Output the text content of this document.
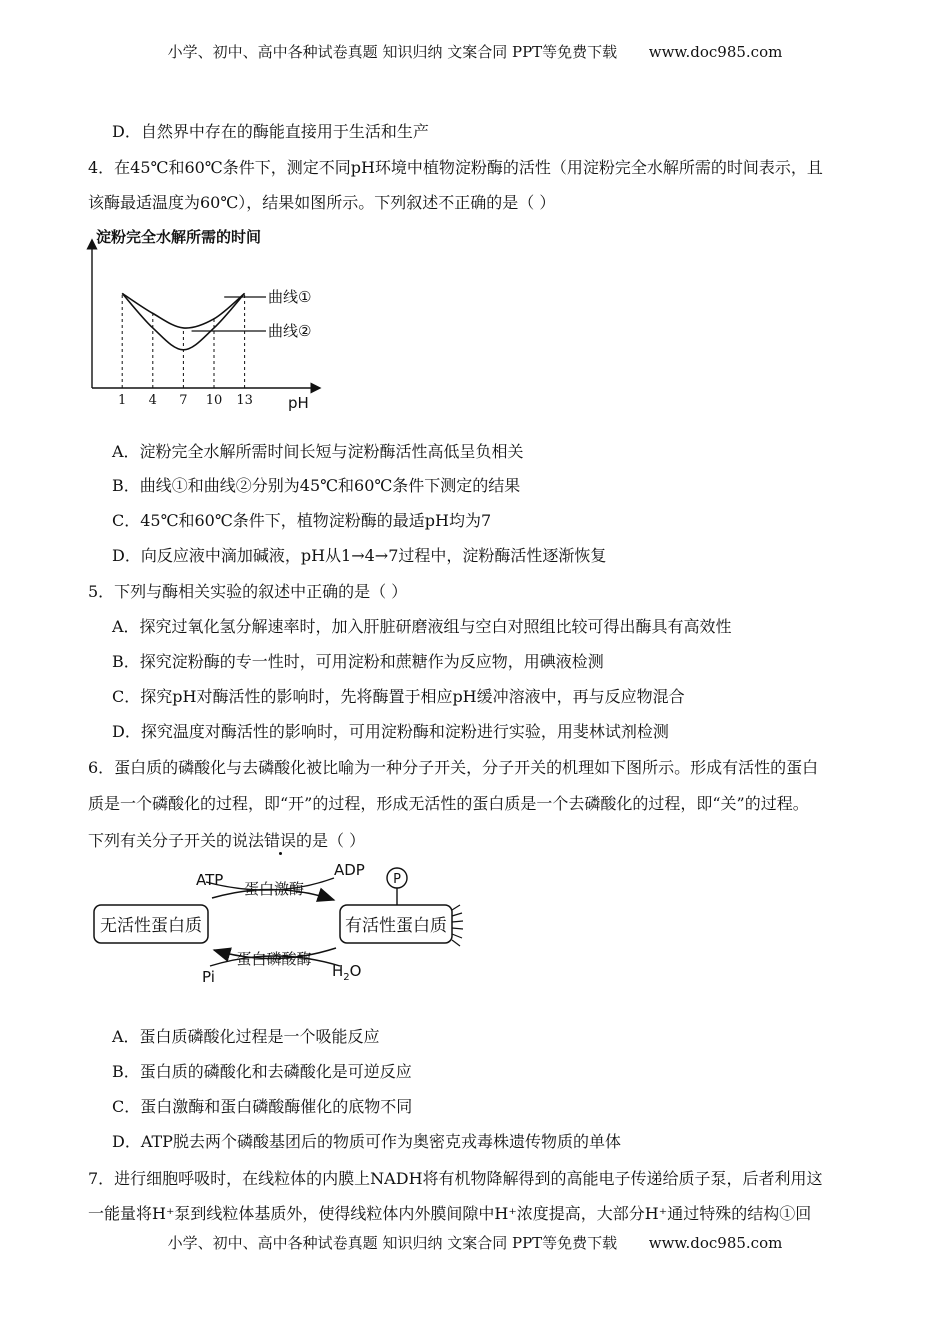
小学、初中、高中各种试卷真题 知识归纳 文案合同 PPT等免费下载 www.doc985.com
D．自然界中存在的酶能直接用于生活和生产
4．在45℃和60℃条件下，测定不同pH环境中植物淀粉酶的活性（用淀粉完全水解所需的时间表示，且
该酶最适温度为60℃），结果如图所示。下列叙述不正确的是（ ）
淀粉完全水解所需的时间
1 4 7 10 13 pH
曲线①
曲线②
A．淀粉完全水解所需时间长短与淀粉酶活性高低呈负相关
B．曲线①和曲线②分别为45℃和60℃条件下测定的结果
C．45℃和60℃条件下，植物淀粉酶的最适pH均为7
D．向反应液中滴加碱液，pH从1→4→7过程中，淀粉酶活性逐渐恢复
5．下列与酶相关实验的叙述中正确的是（ ）
A．探究过氧化氢分解速率时，加入肝脏研磨液组与空白对照组比较可得出酶具有高效性
B．探究淀粉酶的专一性时，可用淀粉和蔗糖作为反应物，用碘液检测
C．探究pH对酶活性的影响时，先将酶置于相应pH缓冲溶液中，再与反应物混合
D．探究温度对酶活性的影响时，可用淀粉酶和淀粉进行实验，用斐林试剂检测
6．蛋白质的磷酸化与去磷酸化被比喻为一种分子开关，分子开关的机理如下图所示。形成有活性的蛋白
质是一个磷酸化的过程，即“开”的过程，形成无活性的蛋白质是一个去磷酸化的过程，即“关”的过程。
下列有关分子开关的说法错误的是（ ）
无活性蛋白质	有活性蛋白质
P
ATP
ADP
蛋白激酶
蛋白磷酸酶
Pi	$H_2O$
A．蛋白质磷酸化过程是一个吸能反应
B．蛋白质的磷酸化和去磷酸化是可逆反应
C．蛋白激酶和蛋白磷酸酶催化的底物不同
D．ATP脱去两个磷酸基团后的物质可作为奥密克戎毒株遗传物质的单体
7．进行细胞呼吸时，在线粒体的内膜上NADH将有机物降解得到的高能电子传递给质子泵，后者利用这
一能量将H⁺泵到线粒体基质外，使得线粒体内外膜间隙中H⁺浓度提高，大部分H⁺通过特殊的结构①回
小学、初中、高中各种试卷真题 知识归纳 文案合同 PPT等免费下载 www.doc985.com
